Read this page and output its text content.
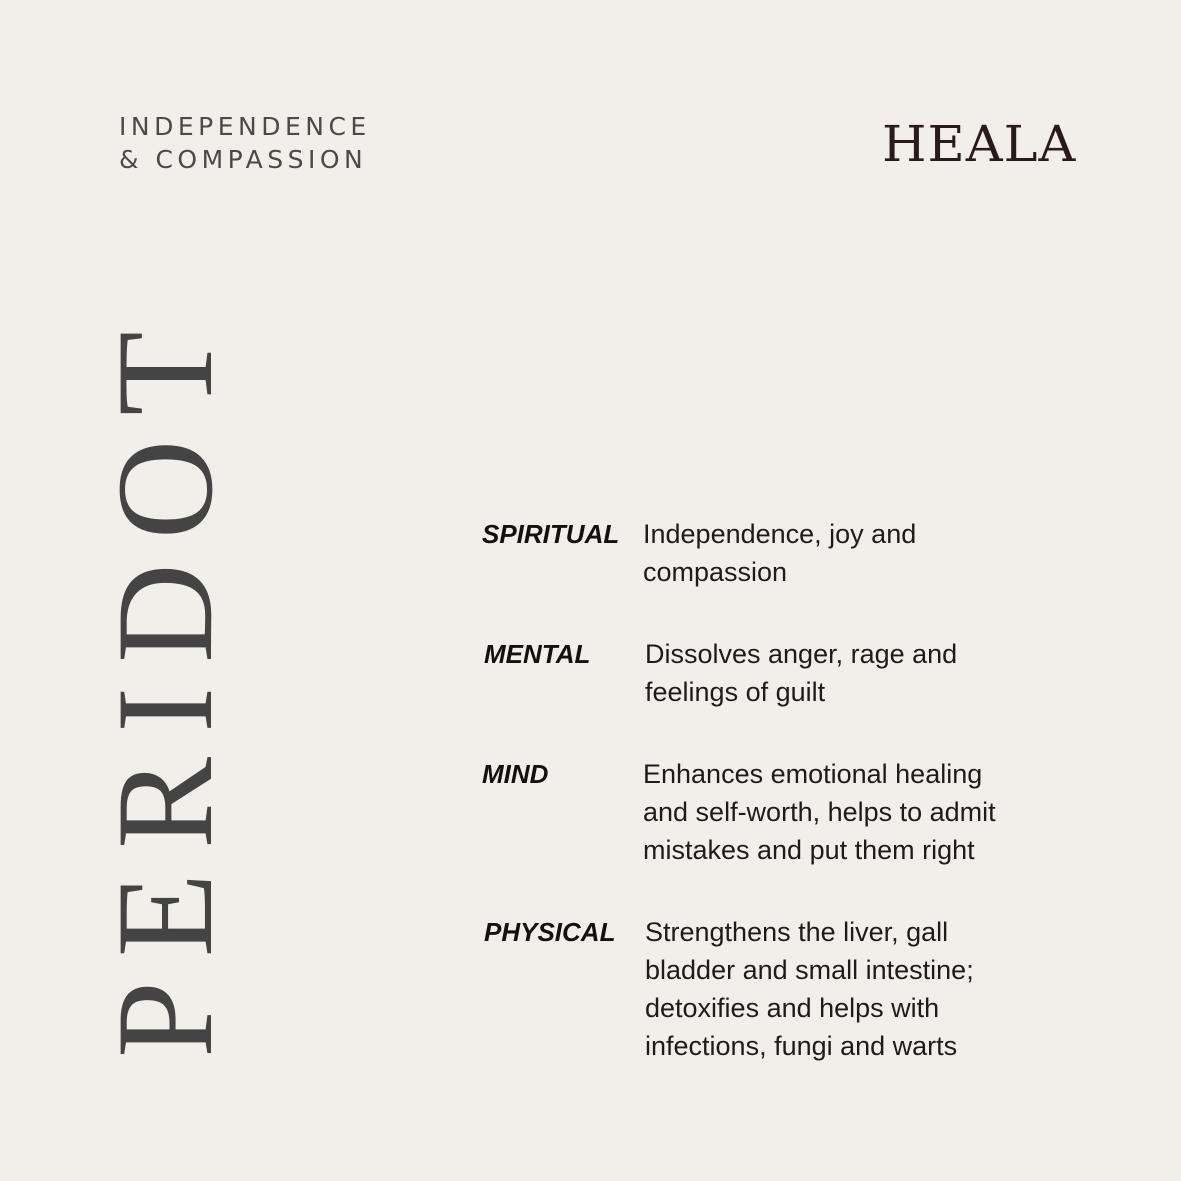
INDEPENDENCE
& COMPASSION	HEALA
PERIDOT	SPIRITUAL Independence, joy and
compassion
MENTAL Dissolves anger, rage and
feelings of guilt
MIND	Enhances emotional healing
and self-worth, helps to admit
mistakes and put them right
PHYSICAL Strengthens the liver, gall
bladder and small intestine;
detoxifies and helps with
infections, fungi and warts
